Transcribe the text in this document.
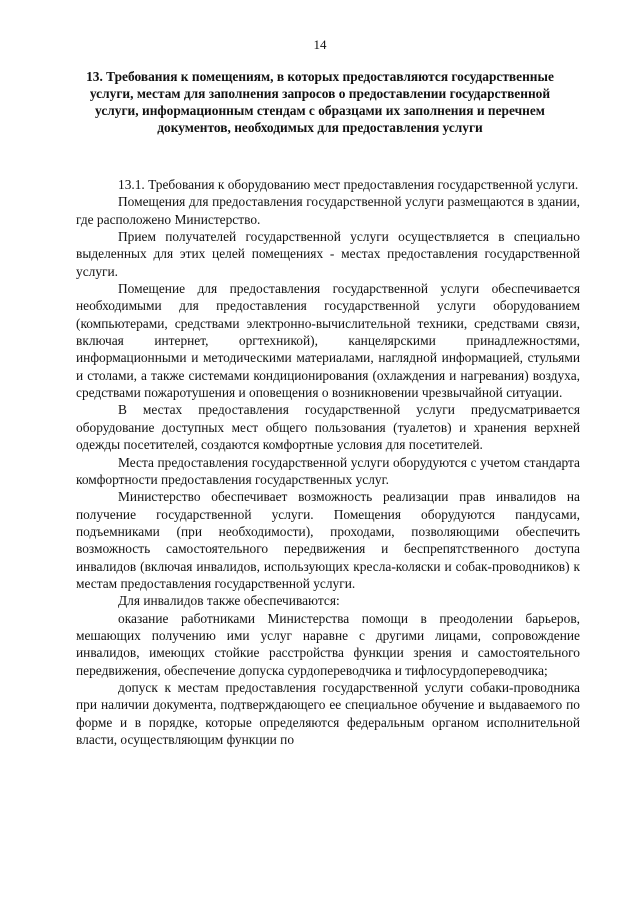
14
13. Требования к помещениям, в которых предоставляются государственные услуги, местам для заполнения запросов о предоставлении государственной услуги, информационным стендам с образцами их заполнения и перечнем документов, необходимых для предоставления услуги

13.1. Требования к оборудованию мест предоставления государственной услуги.

Помещения для предоставления государственной услуги размещаются в здании, где расположено Министерство.

Прием получателей государственной услуги осуществляется в специально выделенных для этих целей помещениях - местах предоставления государственной услуги.

Помещение для предоставления государственной услуги обеспечивается необходимыми для предоставления государственной услуги оборудованием (компьютерами, средствами электронно-вычислительной техники, средствами связи, включая интернет, оргтехникой), канцелярскими принадлежностями, информационными и методическими материалами, наглядной информацией, стульями и столами, а также системами кондиционирования (охлаждения и нагревания) воздуха, средствами пожаротушения и оповещения о возникновении чрезвычайной ситуации.

В местах предоставления государственной услуги предусматривается оборудование доступных мест общего пользования (туалетов) и хранения верхней одежды посетителей, создаются комфортные условия для посетителей.

Места предоставления государственной услуги оборудуются с учетом стандарта комфортности предоставления государственных услуг.

Министерство обеспечивает возможность реализации прав инвалидов на получение государственной услуги. Помещения оборудуются пандусами, подъемниками (при необходимости), проходами, позволяющими обеспечить возможность самостоятельного передвижения и беспрепятственного доступа инвалидов (включая инвалидов, использующих кресла-коляски и собак-проводников) к местам предоставления государственной услуги.

Для инвалидов также обеспечиваются:

оказание работниками Министерства помощи в преодолении барьеров, мешающих получению ими услуг наравне с другими лицами, сопровождение инвалидов, имеющих стойкие расстройства функции зрения и самостоятельного передвижения, обеспечение допуска сурдопереводчика и тифлосурдопереводчика;

допуск к местам предоставления государственной услуги собаки-проводника при наличии документа, подтверждающего ее специальное обучение и выдаваемого по форме и в порядке, которые определяются федеральным органом исполнительной власти, осуществляющим функции по
